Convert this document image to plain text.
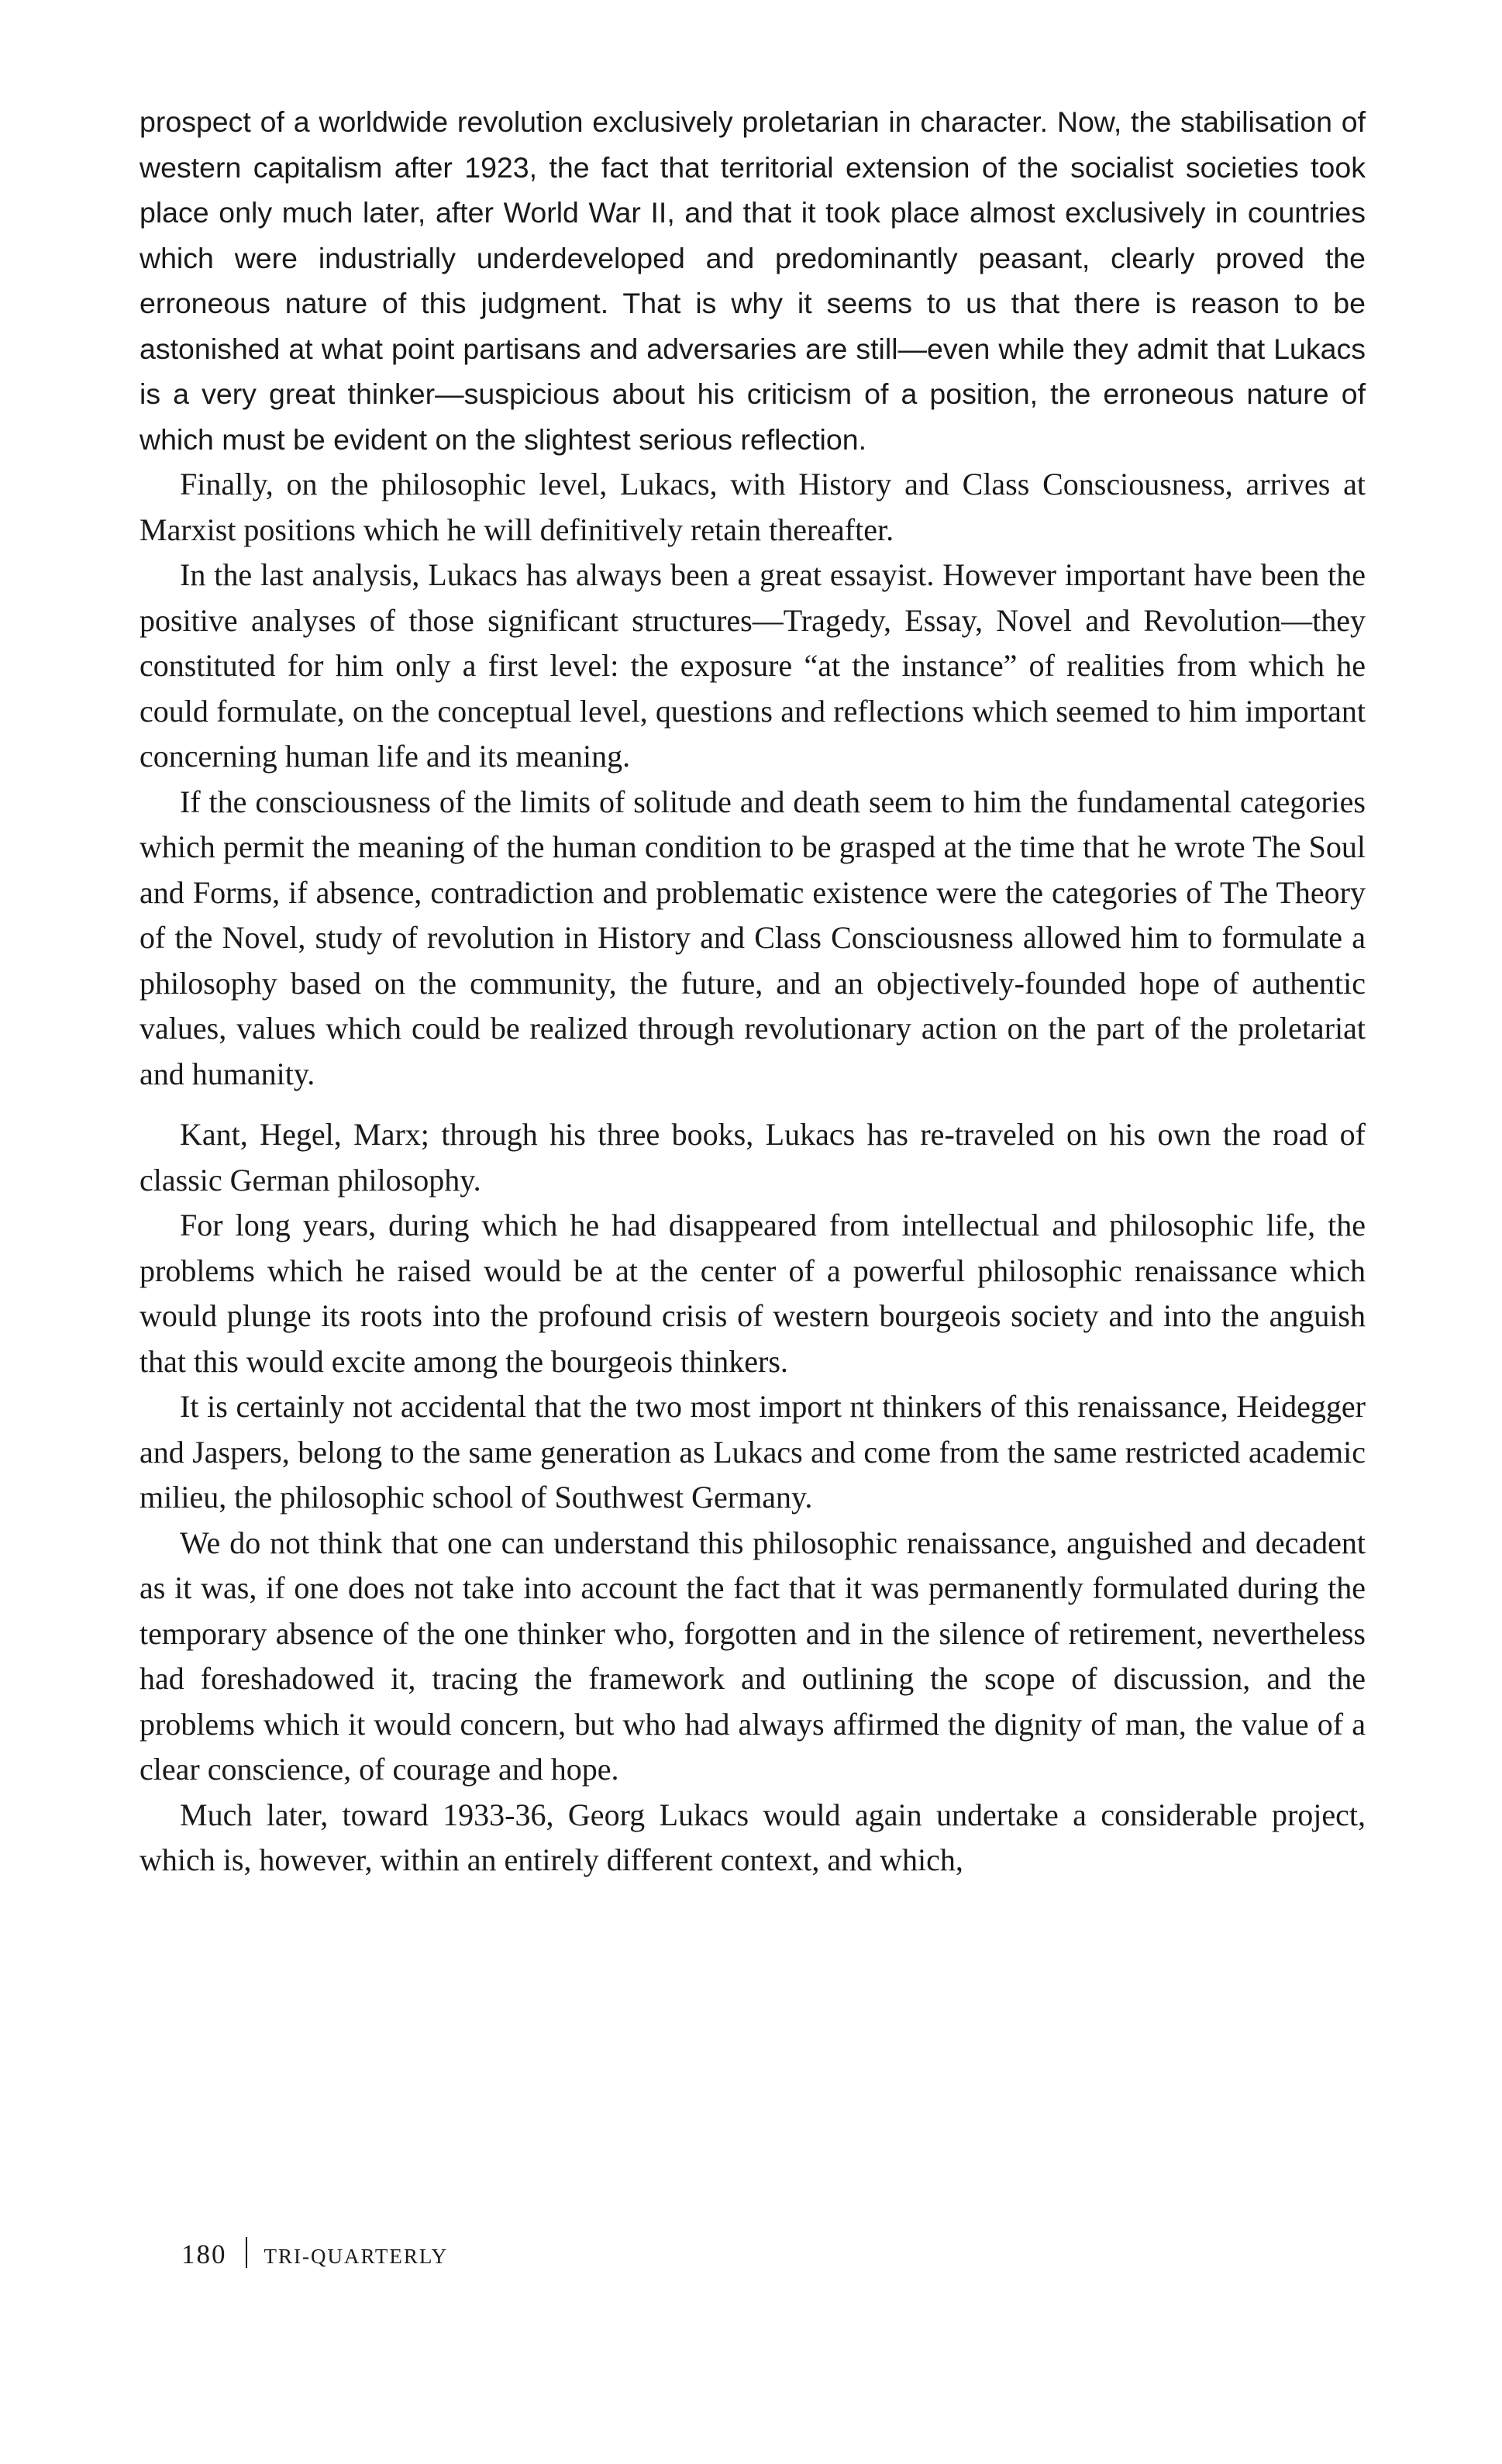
prospect of a worldwide revolution exclusively proletarian in character. Now, the stabilisation of western capitalism after 1923, the fact that territorial extension of the socialist societies took place only much later, after World War II, and that it took place almost exclusively in countries which were industrially underdeveloped and predominantly peasant, clearly proved the erroneous nature of this judgment. That is why it seems to us that there is reason to be astonished at what point partisans and adversaries are still—even while they admit that Lukacs is a very great thinker—suspicious about his criticism of a position, the erroneous nature of which must be evident on the slightest serious reflection.

Finally, on the philosophic level, Lukacs, with History and Class Consciousness, arrives at Marxist positions which he will definitively retain thereafter.

In the last analysis, Lukacs has always been a great essayist. However important have been the positive analyses of those significant structures—Tragedy, Essay, Novel and Revolution—they constituted for him only a first level: the exposure “at the instance” of realities from which he could formulate, on the conceptual level, questions and reflections which seemed to him important concerning human life and its meaning.

If the consciousness of the limits of solitude and death seem to him the fundamental categories which permit the meaning of the human condition to be grasped at the time that he wrote The Soul and Forms, if absence, contradiction and problematic existence were the categories of The Theory of the Novel, study of revolution in History and Class Consciousness allowed him to formulate a philosophy based on the community, the future, and an objectively-founded hope of authentic values, values which could be realized through revolutionary action on the part of the proletariat and humanity.

Kant, Hegel, Marx; through his three books, Lukacs has re-traveled on his own the road of classic German philosophy.

For long years, during which he had disappeared from intellectual and philosophic life, the problems which he raised would be at the center of a powerful philosophic renaissance which would plunge its roots into the profound crisis of western bourgeois society and into the anguish that this would excite among the bourgeois thinkers.

It is certainly not accidental that the two most import nt thinkers of this renaissance, Heidegger and Jaspers, belong to the same generation as Lukacs and come from the same restricted academic milieu, the philosophic school of Southwest Germany.

We do not think that one can understand this philosophic renaissance, anguished and decadent as it was, if one does not take into account the fact that it was permanently formulated during the temporary absence of the one thinker who, forgotten and in the silence of retirement, nevertheless had foreshadowed it, tracing the framework and outlining the scope of discussion, and the problems which it would concern, but who had always affirmed the dignity of man, the value of a clear conscience, of courage and hope.

Much later, toward 1933-36, Georg Lukacs would again undertake a considerable project, which is, however, within an entirely different context, and which,

180 TRI-QUARTERLY
